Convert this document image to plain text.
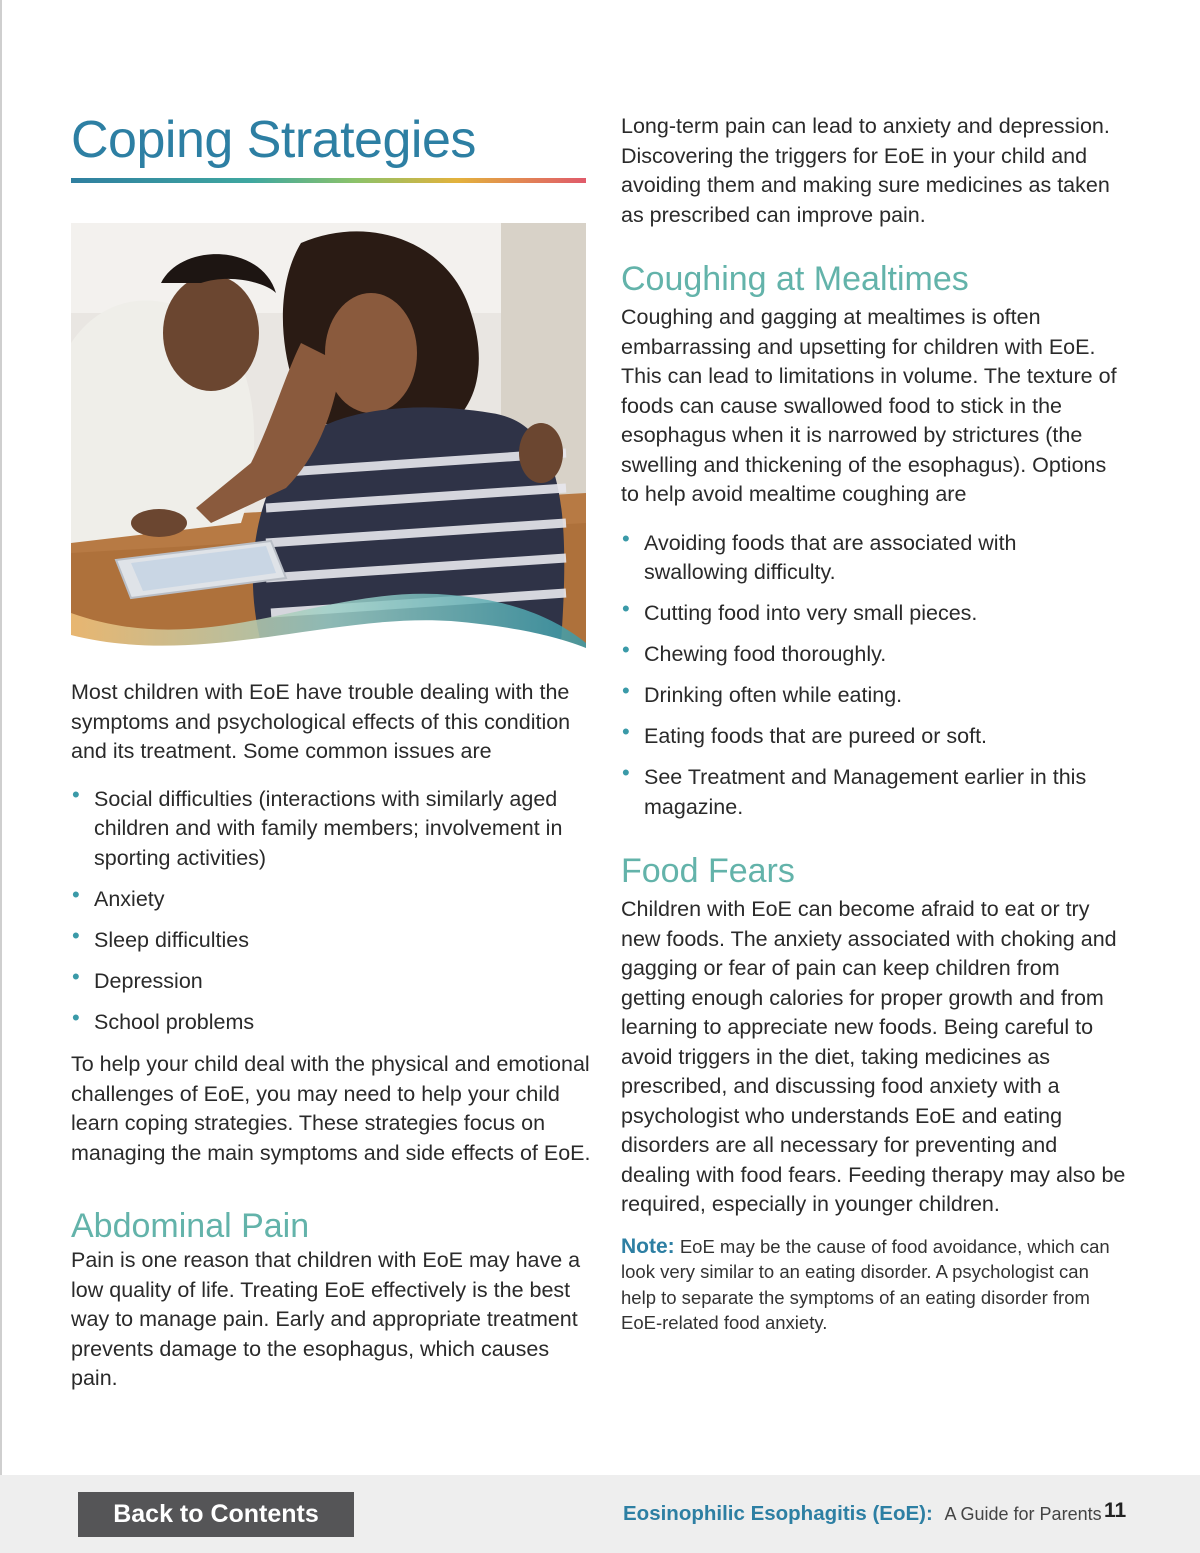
Coping Strategies

Most children with EoE have trouble dealing with the symptoms and psychological effects of this condition and its treatment. Some common issues are

• Social difficulties (interactions with similarly aged children and with family members; involvement in sporting activities)
• Anxiety
• Sleep difficulties
• Depression
• School problems

To help your child deal with the physical and emotional challenges of EoE, you may need to help your child learn coping strategies. These strategies focus on managing the main symptoms and side effects of EoE.

Abdominal Pain

Pain is one reason that children with EoE may have a low quality of life. Treating EoE effectively is the best way to manage pain. Early and appropriate treatment prevents damage to the esophagus, which causes pain.

Long-term pain can lead to anxiety and depression. Discovering the triggers for EoE in your child and avoiding them and making sure medicines as taken as prescribed can improve pain.

Coughing at Mealtimes

Coughing and gagging at mealtimes is often embarrassing and upsetting for children with EoE. This can lead to limitations in volume. The texture of foods can cause swallowed food to stick in the esophagus when it is narrowed by strictures (the swelling and thickening of the esophagus). Options to help avoid mealtime coughing are

• Avoiding foods that are associated with swallowing difficulty.
• Cutting food into very small pieces.
• Chewing food thoroughly.
• Drinking often while eating.
• Eating foods that are pureed or soft.
• See Treatment and Management earlier in this magazine.
Food Fears

Children with EoE can become afraid to eat or try new foods. The anxiety associated with choking and gagging or fear of pain can keep children from getting enough calories for proper growth and from learning to appreciate new foods. Being careful to avoid triggers in the diet, taking medicines as prescribed, and discussing food anxiety with a psychologist who understands EoE and eating disorders are all necessary for preventing and dealing with food fears. Feeding therapy may also be required, especially in younger children.

Note: EoE may be the cause of food avoidance, which can look very similar to an eating disorder. A psychologist can help to separate the symptoms of an eating disorder from EoE-related food anxiety.

Back to Contents	Eosinophilic Esophagitis (EoE): A Guide for Parents 11
